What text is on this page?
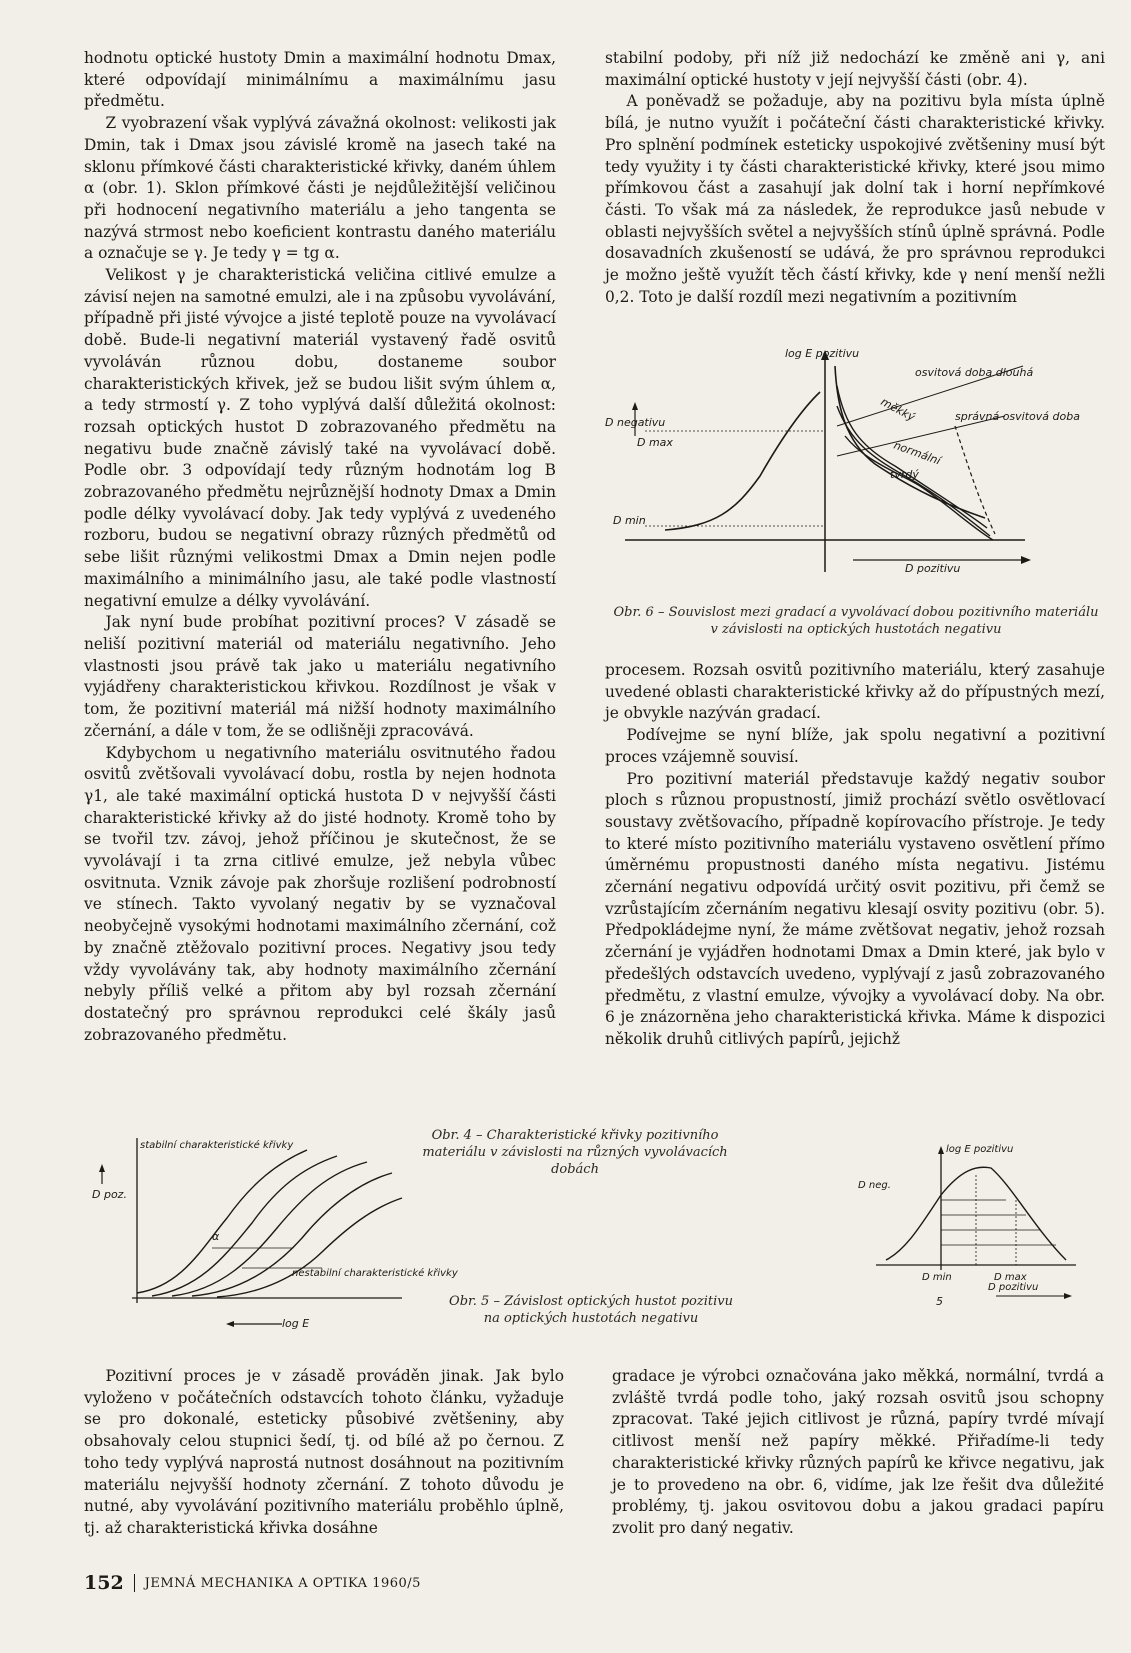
hodnotu optické hustoty Dmin a maximální hodnotu Dmax, které odpovídají minimálnímu a maximálnímu jasu předmětu.

Z vyobrazení však vyplývá závažná okolnost: velikosti jak Dmin, tak i Dmax jsou závislé kromě na jasech také na sklonu přímkové části charakteristické křivky, daném úhlem α (obr. 1). Sklon přímkové části je nejdůležitější veličinou při hodnocení negativního materiálu a jeho tangenta se nazývá strmost nebo koeficient kontrastu daného materiálu a označuje se γ. Je tedy γ = tg α.

Velikost γ je charakteristická veličina citlivé emulze a závisí nejen na samotné emulzi, ale i na způsobu vyvolávání, případně při jisté vývojce a jisté teplotě pouze na vyvolávací době. Bude-li negativní materiál vystavený řadě osvitů vyvoláván různou dobu, dostaneme soubor charakteristických křivek, jež se budou lišit svým úhlem α, a tedy strmostí γ. Z toho vyplývá další důležitá okolnost: rozsah optických hustot D zobrazovaného předmětu na negativu bude značně závislý také na vyvolávací době. Podle obr. 3 odpovídají tedy různým hodnotám log B zobrazovaného předmětu nejrůznější hodnoty Dmax a Dmin podle délky vyvolávací doby. Jak tedy vyplývá z uvedeného rozboru, budou se negativní obrazy různých předmětů od sebe lišit různými velikostmi Dmax a Dmin nejen podle maximálního a minimálního jasu, ale také podle vlastností negativní emulze a délky vyvolávání.

Jak nyní bude probíhat pozitivní proces? V zásadě se neliší pozitivní materiál od materiálu negativního. Jeho vlastnosti jsou právě tak jako u materiálu negativního vyjádřeny charakteristickou křivkou. Rozdílnost je však v tom, že pozitivní materiál má nižší hodnoty maximálního zčernání, a dále v tom, že se odlišněji zpracovává.

Kdybychom u negativního materiálu osvitnutého řadou osvitů zvětšovali vyvolávací dobu, rostla by nejen hodnota γ1, ale také maximální optická hustota D v nejvyšší části charakteristické křivky až do jisté hodnoty. Kromě toho by se tvořil tzv. závoj, jehož příčinou je skutečnost, že se vyvolávají i ta zrna citlivé emulze, jež nebyla vůbec osvitnuta. Vznik závoje pak zhoršuje rozlišení podrobností ve stínech. Takto vyvolaný negativ by se vyznačoval neobyčejně vysokými hodnotami maximálního zčernání, což by značně ztěžovalo pozitivní proces. Negativy jsou tedy vždy vyvolávány tak, aby hodnoty maximálního zčernání nebyly příliš velké a přitom aby byl rozsah zčernání dostatečný pro správnou reprodukci celé škály jasů zobrazovaného předmětu.

stabilní podoby, při níž již nedochází ke změně ani γ, ani maximální optické hustoty v její nejvyšší části (obr. 4).

A poněvadž se požaduje, aby na pozitivu byla místa úplně bílá, je nutno využít i počáteční části charakteristické křivky. Pro splnění podmínek esteticky uspokojivé zvětšeniny musí být tedy využity i ty části charakteristické křivky, které jsou mimo přímkovou část a zasahují jak dolní tak i horní nepřímkové části. To však má za následek, že reprodukce jasů nebude v oblasti nejvyšších světel a nejvyšších stínů úplně správná. Podle dosavadních zkušeností se udává, že pro správnou reprodukci je možno ještě využít těch částí křivky, kde γ není menší nežli 0,2. Toto je další rozdíl mezi negativním a pozitivním

log E pozitivu
D negativu
D max
D min
D pozitivu
osvitová doba dlouhá
správná osvitová doba
měkký
normální
tvrdý
Obr. 6 – Souvislost mezi gradací a vyvolávací dobou pozitivního materiálu v závislosti na optických hustotách negativu

procesem. Rozsah osvitů pozitivního materiálu, který zasahuje uvedené oblasti charakteristické křivky až do přípustných mezí, je obvykle nazýván gradací.

Podívejme se nyní blíže, jak spolu negativní a pozitivní proces vzájemně souvisí.

Pro pozitivní materiál představuje každý negativ soubor ploch s různou propustností, jimiž prochází světlo osvětlovací soustavy zvětšovacího, případně kopírovacího přístroje. Je tedy to které místo pozitivního materiálu vystaveno osvětlení přímo úměrnému propustnosti daného místa negativu. Jistému zčernání negativu odpovídá určitý osvit pozitivu, při čemž se vzrůstajícím zčernáním negativu klesají osvity pozitivu (obr. 5). Předpokládejme nyní, že máme zvětšovat negativ, jehož rozsah zčernání je vyjádřen hodnotami Dmax a Dmin které, jak bylo v předešlých odstavcích uvedeno, vyplývají z jasů zobrazovaného předmětu, z vlastní emulze, vývojky a vyvolávací doby. Na obr. 6 je znázorněna jeho charakteristická křivka. Máme k dispozici několik druhů citlivých papírů, jejichž

D poz.
log E
stabilní charakteristické křivky
nestabilní charakteristické křivky
α
Obr. 4 – Charakteristické křivky pozitivního materiálu v závislosti na různých vyvolávacích dobách
Obr. 5 – Závislost optických hustot pozitivu na optických hustotách negativu
log E pozitivu
D neg.
D min	D max
D pozitivu
5

Pozitivní proces je v zásadě prováděn jinak. Jak bylo vyloženo v počátečních odstavcích tohoto článku, vyžaduje se pro dokonalé, esteticky působivé zvětšeniny, aby obsahovaly celou stupnici šedí, tj. od bílé až po černou. Z toho tedy vyplývá naprostá nutnost dosáhnout na pozitivním materiálu nejvyšší hodnoty zčernání. Z tohoto důvodu je nutné, aby vyvolávání pozitivního materiálu proběhlo úplně, tj. až charakteristická křivka dosáhne

gradace je výrobci označována jako měkká, normální, tvrdá a zvláště tvrdá podle toho, jaký rozsah osvitů jsou schopny zpracovat. Také jejich citlivost je různá, papíry tvrdé mívají citlivost menší než papíry měkké. Přiřadíme-li tedy charakteristické křivky různých papírů ke křivce negativu, jak je to provedeno na obr. 6, vidíme, jak lze řešit dva důležité problémy, tj. jakou osvitovou dobu a jakou gradaci papíru zvolit pro daný negativ.

152 JEMNÁ MECHANIKA A OPTIKA 1960/5
